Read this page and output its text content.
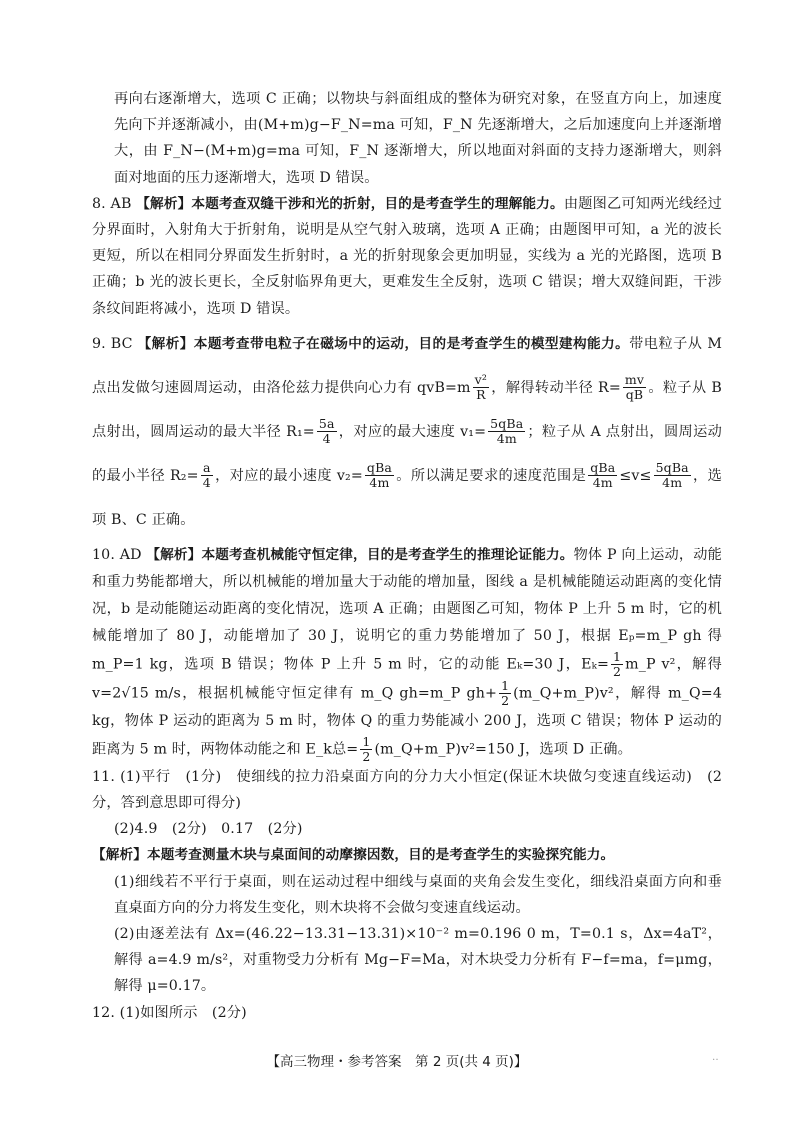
再向右逐渐增大，选项 C 正确；以物块与斜面组成的整体为研究对象，在竖直方向上，加速度先向下并逐渐减小，由(M+m)g−F_N=ma 可知，F_N 先逐渐增大，之后加速度向上并逐渐增大，由 F_N−(M+m)g=ma 可知，F_N 逐渐增大，所以地面对斜面的支持力逐渐增大，则斜面对地面的压力逐渐增大，选项 D 错误。

8. AB 【解析】本题考查双缝干涉和光的折射，目的是考查学生的理解能力。由题图乙可知两光线经过分界面时，入射角大于折射角，说明是从空气射入玻璃，选项 A 正确；由题图甲可知，a 光的波长更短，所以在相同分界面发生折射时，a 光的折射现象会更加明显，实线为 a 光的光路图，选项 B 正确；b 光的波长更长，全反射临界角更大，更难发生全反射，选项 C 错误；增大双缝间距，干涉条纹间距将减小，选项 D 错误。

9. BC 【解析】本题考查带电粒子在磁场中的运动，目的是考查学生的模型建构能力。带电粒子从 M 点出发做匀速圆周运动，由洛伦兹力提供向心力有 $qvB=m \frac{\text{v²}}{R}$ ，解得转动半径 $R= \frac{mv}{qB}$ 。粒子从 B 点射出，圆周运动的最大半径 $R_1= \frac{5a}{4}$ ，对应的最大速度 $v_1= \frac{\text{5qBa}}{4m}$ ；粒子从 A 点射出，圆周运动的最小半径 $R_2= \frac{a}{4}$ ，对应的最小速度 $v_2= \frac{\text{qBa}}{4m}$ 。所以满足要求的速度范围是 $\frac{\text{qBa}}{4m} \le v\le \frac{\text{5qBa}}{4m}$ ，选项 B、C 正确。

10. AD 【解析】本题考查机械能守恒定律，目的是考查学生的推理论证能力。物体 P 向上运动，动能和重力势能都增大，所以机械能的增加量大于动能的增加量，图线 a 是机械能随运动距离的变化情况，b 是动能随运动距离的变化情况，选项 A 正确；由题图乙可知，物体 P 上升 5 m 时，它的机械能增加了 80 J，动能增加了 30 J，说明它的重力势能增加了 50 J，根据 Eₚ=m_P gh 得 m_P=1 kg，选项 B 错误；物体 P 上升 5 m 时，它的动能 Eₖ=30 J，$E_k= \frac{1}{2}$ m_P v²，解得 v=2√15 m/s，根据机械能守恒定律有 m_Q gh=m_P $gh+ \frac{1}{2}$ (m_Q+m_P)v²，解得 m_Q=4 kg，物体 P 运动的距离为 5 m 时，物体 Q 的重力势能减小 200 J，选项 C 错误；物体 P 运动的距离为 5 m 时，两物体动能之和 E_k总= $\frac{1}{2}$ (m_Q+m_P)v²=150 J，选项 D 正确。

11. (1)平行　(1分)　使细线的拉力沿桌面方向的分力大小恒定(保证木块做匀变速直线运动)　(2分，答到意思即可得分)

(2)4.9　(2分)　0.17　(2分)

【解析】本题考查测量木块与桌面间的动摩擦因数，目的是考查学生的实验探究能力。

(1)细线若不平行于桌面，则在运动过程中细线与桌面的夹角会发生变化，细线沿桌面方向和垂直桌面方向的分力将发生变化，则木块将不会做匀变速直线运动。

(2)由逐差法有 Δx=(46.22−13.31−13.31)×10⁻² m=0.196 0 m，T=0.1 s，Δx=4aT²，解得 a=4.9 m/s²，对重物受力分析有 Mg−F=Ma，对木块受力分析有 F−f=ma，f=μmg，解得 μ=0.17。

12. (1)如图所示　(2分)

【高三物理・参考答案　第 2 页(共 4 页)】	‥
